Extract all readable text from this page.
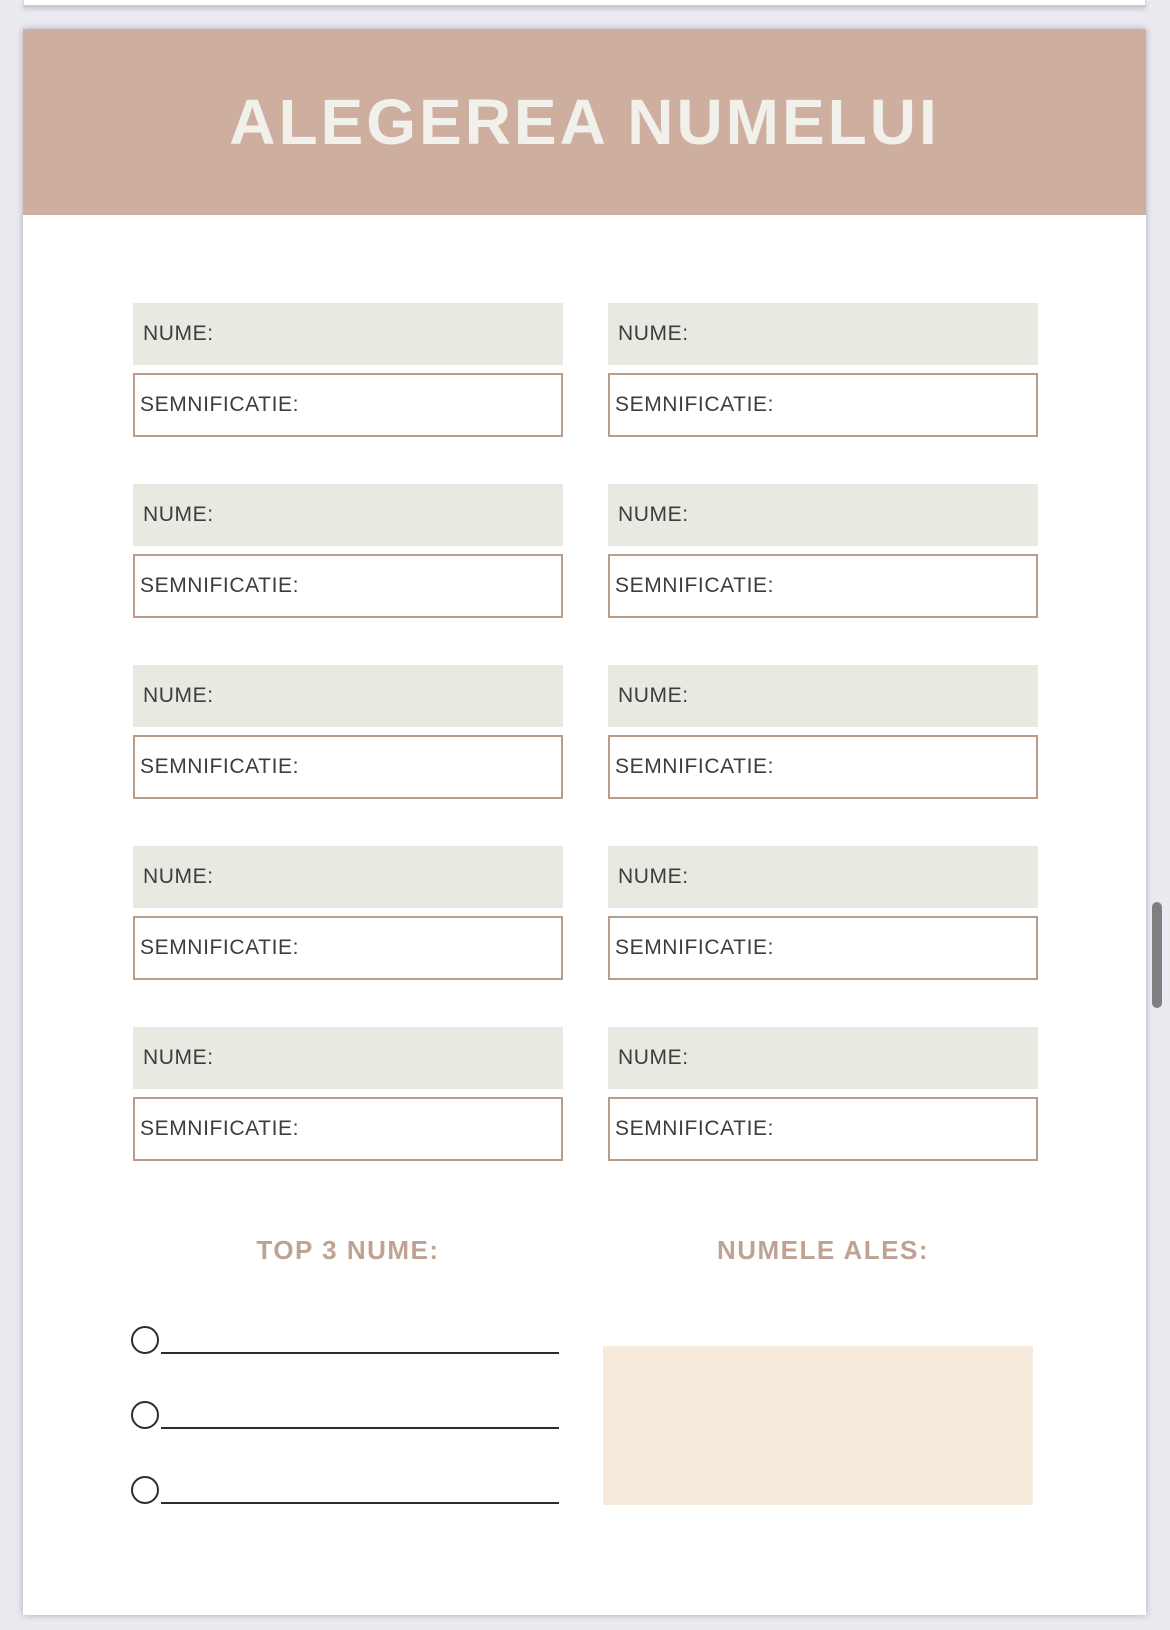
ALEGEREA NUMELUI
NUME:
SEMNIFICATIE:
NUME:
SEMNIFICATIE:
NUME:
SEMNIFICATIE:
NUME:
SEMNIFICATIE:
NUME:
SEMNIFICATIE:
NUME:
SEMNIFICATIE:
NUME:
SEMNIFICATIE:
NUME:
SEMNIFICATIE:
NUME:
SEMNIFICATIE:
NUME:
SEMNIFICATIE:
TOP 3 NUME:	NUMELE ALES:
